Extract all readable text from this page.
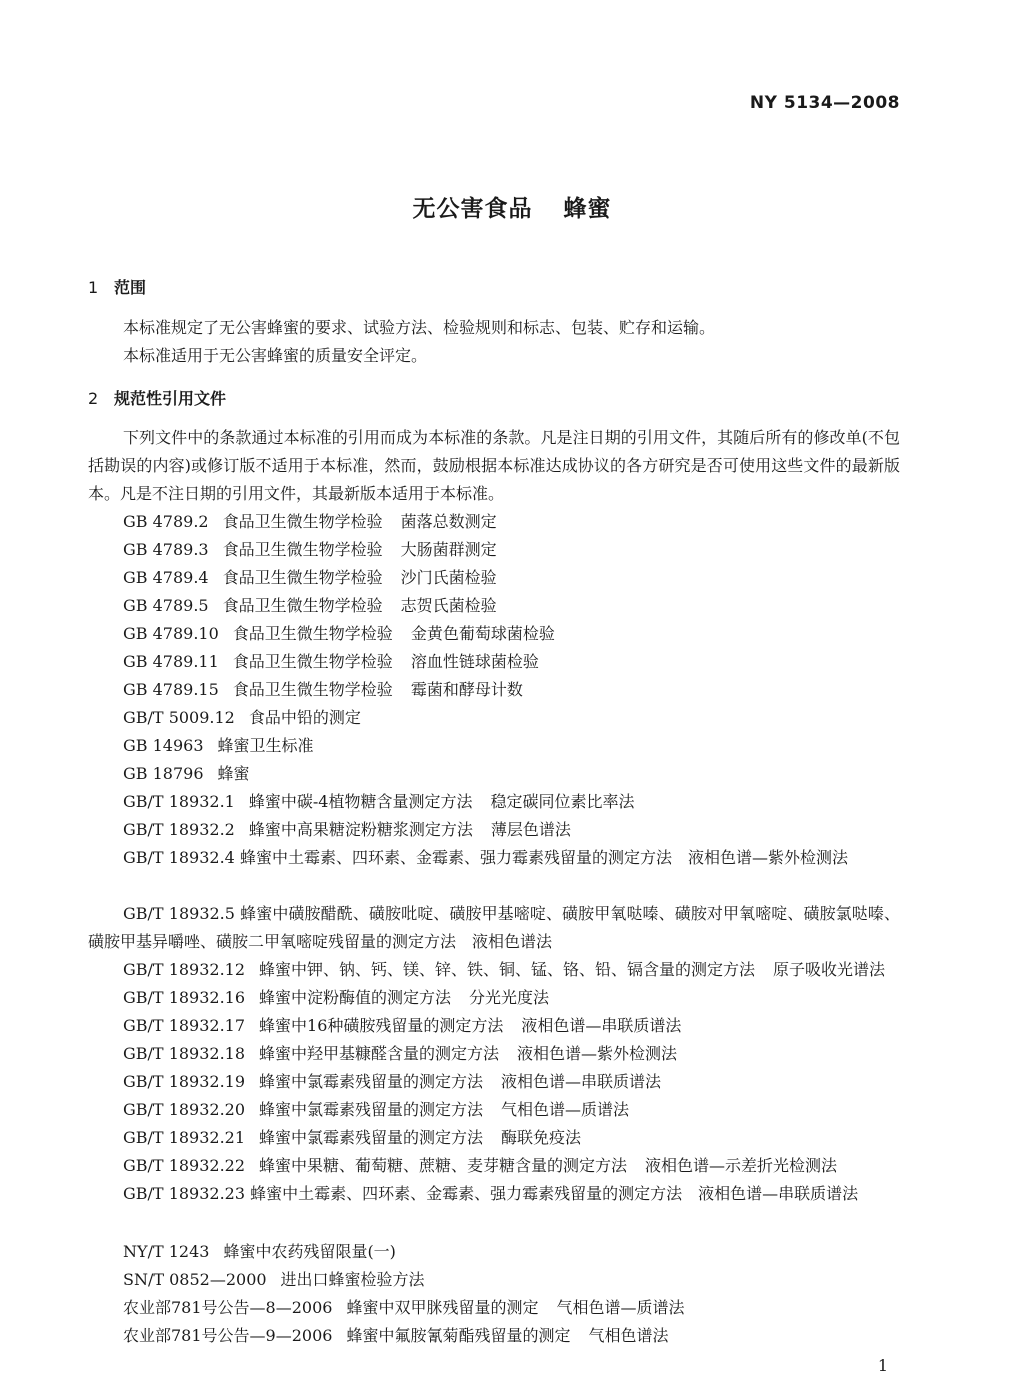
NY 5134—2008
无公害食品 蜂蜜
1 范围
本标准规定了无公害蜂蜜的要求、试验方法、检验规则和标志、包装、贮存和运输。
本标准适用于无公害蜂蜜的质量安全评定。
2 规范性引用文件
下列文件中的条款通过本标准的引用而成为本标准的条款。凡是注日期的引用文件，其随后所有的修改单(不包括勘误的内容)或修订版不适用于本标准，然而，鼓励根据本标准达成协议的各方研究是否可使用这些文件的最新版本。凡是不注日期的引用文件，其最新版本适用于本标准。
GB 4789.2 食品卫生微生物学检验 菌落总数测定
GB 4789.3 食品卫生微生物学检验 大肠菌群测定
GB 4789.4 食品卫生微生物学检验 沙门氏菌检验
GB 4789.5 食品卫生微生物学检验 志贺氏菌检验
GB 4789.10 食品卫生微生物学检验 金黄色葡萄球菌检验
GB 4789.11 食品卫生微生物学检验 溶血性链球菌检验
GB 4789.15 食品卫生微生物学检验 霉菌和酵母计数
GB/T 5009.12 食品中铅的测定
GB 14963 蜂蜜卫生标准
GB 18796 蜂蜜
GB/T 18932.1 蜂蜜中碳-4植物糖含量测定方法 稳定碳同位素比率法
GB/T 18932.2 蜂蜜中高果糖淀粉糖浆测定方法 薄层色谱法
GB/T 18932.4 蜂蜜中土霉素、四环素、金霉素、强力霉素残留量的测定方法　 液相色谱—紫外检测法
GB/T 18932.5 蜂蜜中磺胺醋酰、磺胺吡啶、磺胺甲基嘧啶、磺胺甲氧哒嗪、磺胺对甲氧嘧啶、磺胺氯哒嗪、磺胺甲基异嚼唑、磺胺二甲氧嘧啶残留量的测定方法　 液相色谱法
GB/T 18932.12 蜂蜜中钾、钠、钙、镁、锌、铁、铜、锰、铬、铅、镉含量的测定方法 原子吸收光谱法
GB/T 18932.16 蜂蜜中淀粉酶值的测定方法 分光光度法
GB/T 18932.17 蜂蜜中16种磺胺残留量的测定方法 液相色谱—串联质谱法
GB/T 18932.18 蜂蜜中羟甲基糠醛含量的测定方法 液相色谱—紫外检测法
GB/T 18932.19 蜂蜜中氯霉素残留量的测定方法 液相色谱—串联质谱法
GB/T 18932.20 蜂蜜中氯霉素残留量的测定方法 气相色谱—质谱法
GB/T 18932.21 蜂蜜中氯霉素残留量的测定方法 酶联免疫法
GB/T 18932.22 蜂蜜中果糖、葡萄糖、蔗糖、麦芽糖含量的测定方法 液相色谱—示差折光检测法
GB/T 18932.23 蜂蜜中土霉素、四环素、金霉素、强力霉素残留量的测定方法　 液相色谱—串联质谱法
NY/T 1243 蜂蜜中农药残留限量(一)
SN/T 0852—2000 进出口蜂蜜检验方法
农业部781号公告—8—2006 蜂蜜中双甲脒残留量的测定 气相色谱—质谱法
农业部781号公告—9—2006 蜂蜜中氟胺氰菊酯残留量的测定 气相色谱法
1
